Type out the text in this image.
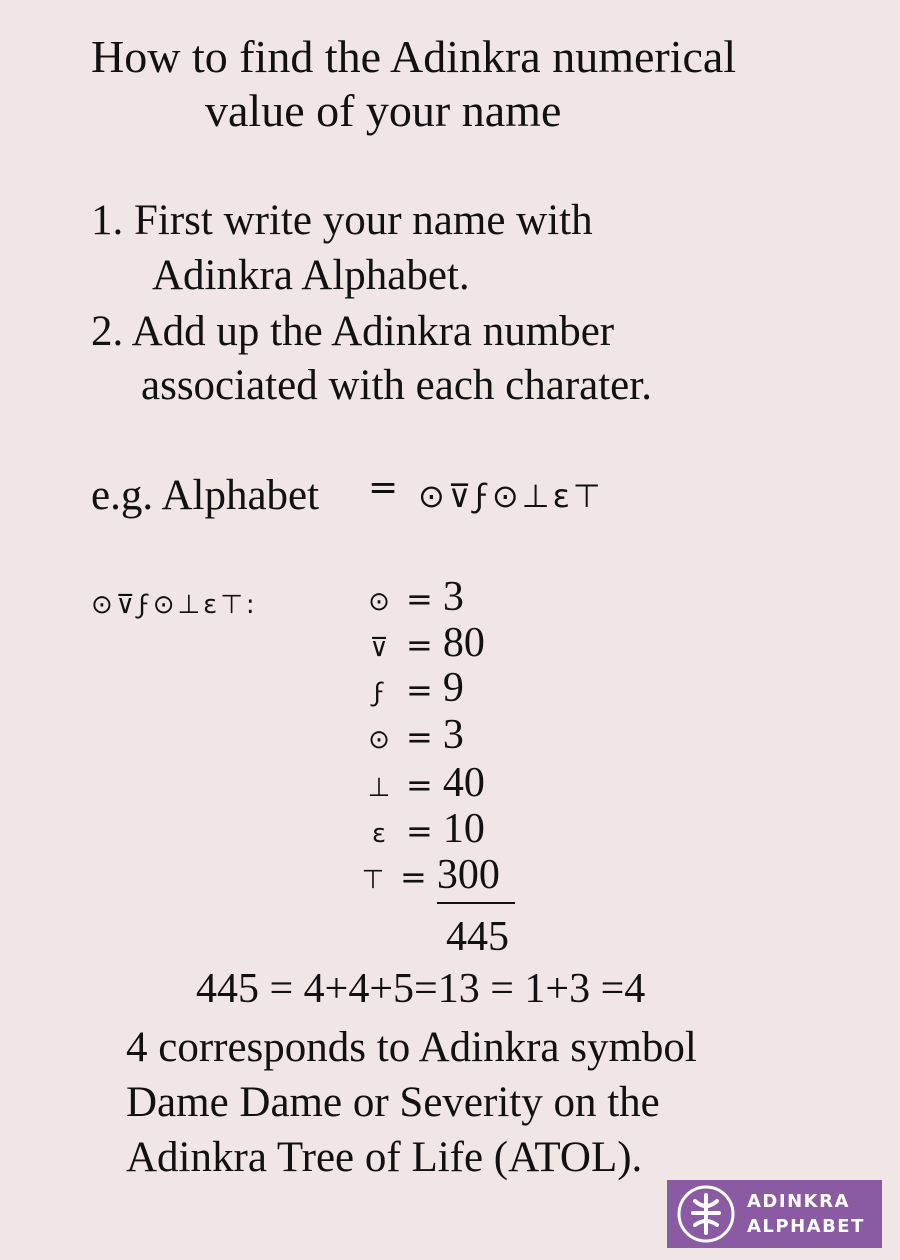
How to find the Adinkra numerical
value of your name
1. First write your name with
Adinkra Alphabet.
2. Add up the Adinkra number
associated with each charater.
e.g. Alphabet = ⊙⊽ϝ⊙⊥ɛ⊤
⊙⊽ϝ⊙⊥ɛ⊤:	⊙ = 3
⊽ = 80
ϝ = 9
⊙ = 3
⊥ = 40
ɛ = 10
⊤ = 300
445
445 = 4+4+5=13 = 1+3 =4
4 corresponds to Adinkra symbol
Dame Dame or Severity on the
Adinkra Tree of Life (ATOL).
ADINKRA
ALPHABET
